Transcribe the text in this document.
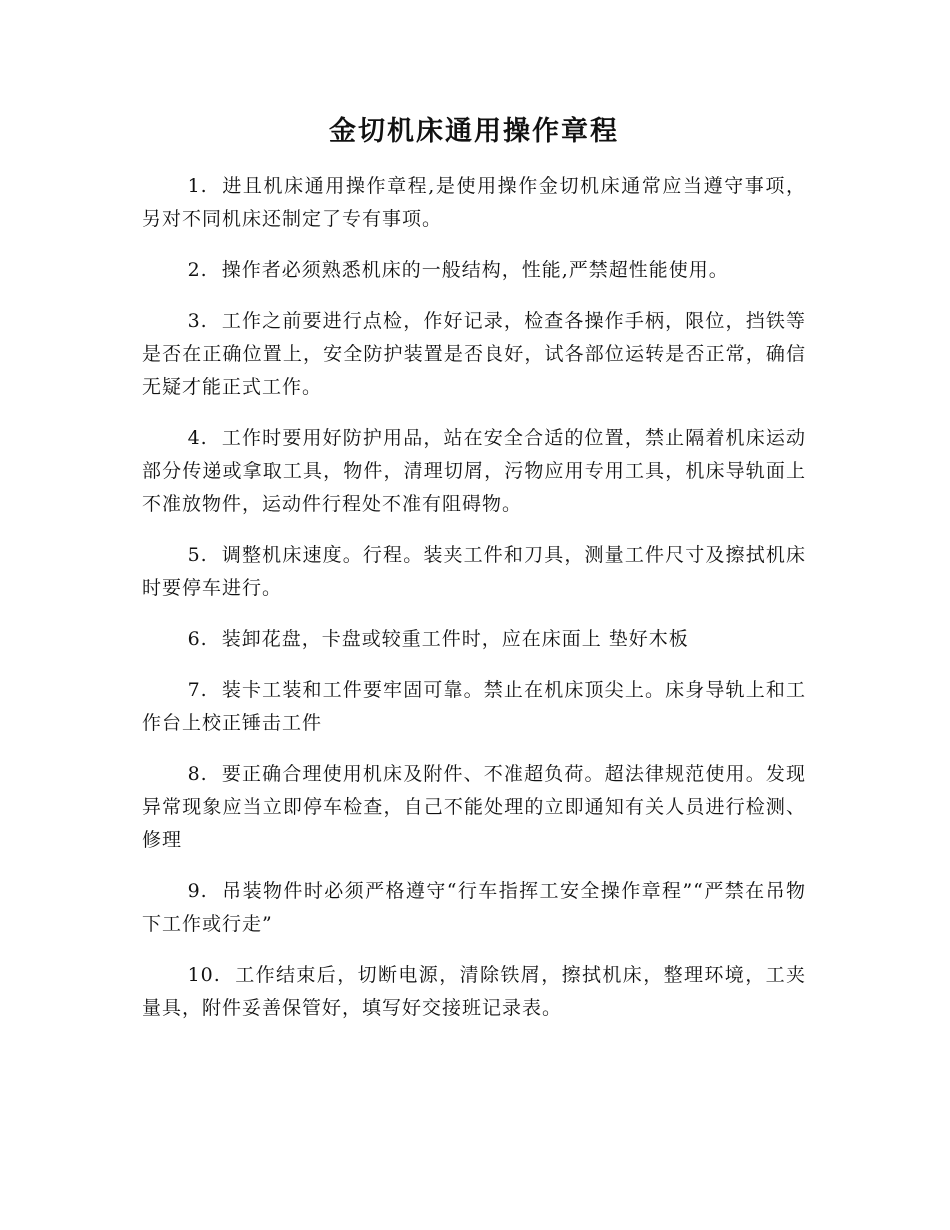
金切机床通用操作章程

1. 进且机床通用操作章程,是使用操作金切机床通常应当遵守事项，另对不同机床还制定了专有事项。

2. 操作者必须熟悉机床的一般结构，性能,严禁超性能使用。

3. 工作之前要进行点检，作好记录，检查各操作手柄，限位，挡铁等是否在正确位置上，安全防护装置是否良好，试各部位运转是否正常，确信无疑才能正式工作。

4. 工作时要用好防护用品，站在安全合适的位置，禁止隔着机床运动部分传递或拿取工具，物件，清理切屑，污物应用专用工具，机床导轨面上不准放物件，运动件行程处不准有阻碍物。

5. 调整机床速度。行程。装夹工件和刀具，测量工件尺寸及擦拭机床时要停车进行。

6. 装卸花盘，卡盘或较重工件时，应在床面上 垫好木板

7. 装卡工装和工件要牢固可靠。禁止在机床顶尖上。床身导轨上和工作台上校正锤击工件

8. 要正确合理使用机床及附件、不准超负荷。超法律规范使用。发现异常现象应当立即停车检查，自己不能处理的立即通知有关人员进行检测、修理

9. 吊装物件时必须严格遵守“行车指挥工安全操作章程”“严禁在吊物下工作或行走”

10. 工作结束后，切断电源，清除铁屑，擦拭机床，整理环境，工夹量具，附件妥善保管好，填写好交接班记录表。
